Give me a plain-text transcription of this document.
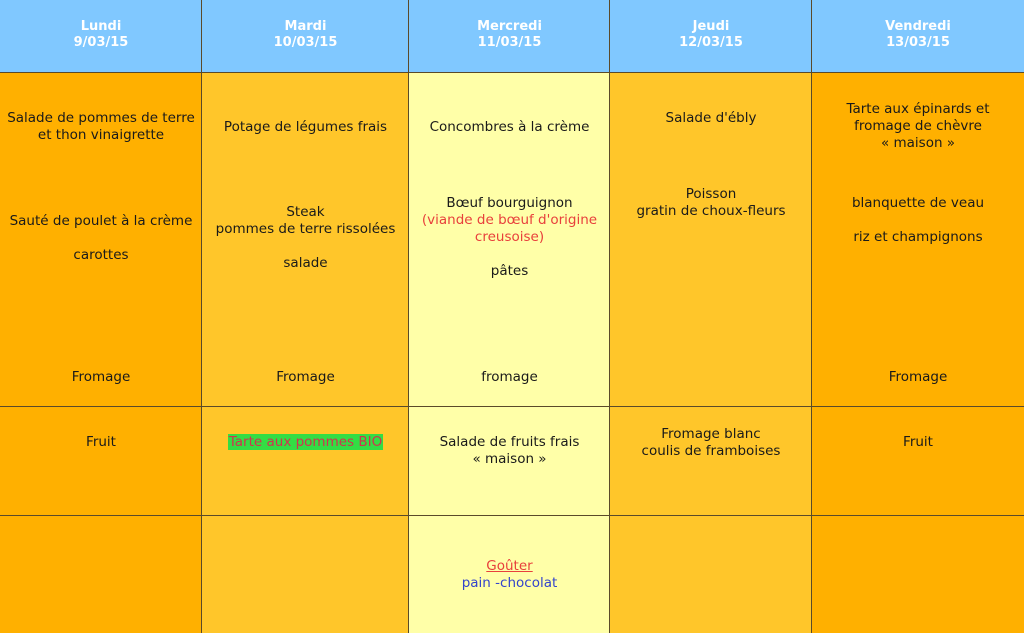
Lundi
9/03/15
Salade de pommes de terre
et thon vinaigrette
Sauté de poulet à la crème
carottes
Fromage
Fruit
Mardi
10/03/15
Potage de légumes frais
Steak
pommes de terre rissolées
salade
Fromage
Tarte aux pommes BIO
Mercredi
11/03/15
Concombres à la crème
Bœuf bourguignon
(viande de bœuf d'origine
creusoise)
pâtes
fromage
Salade de fruits frais
« maison »
Goûter
pain -chocolat
Jeudi
12/03/15
Salade d'ébly
Poisson
gratin de choux-fleurs
Fromage blanc
coulis de framboises
Vendredi
13/03/15
Tarte aux épinards et
fromage de chèvre
« maison »
blanquette de veau
riz et champignons
Fromage
Fruit
